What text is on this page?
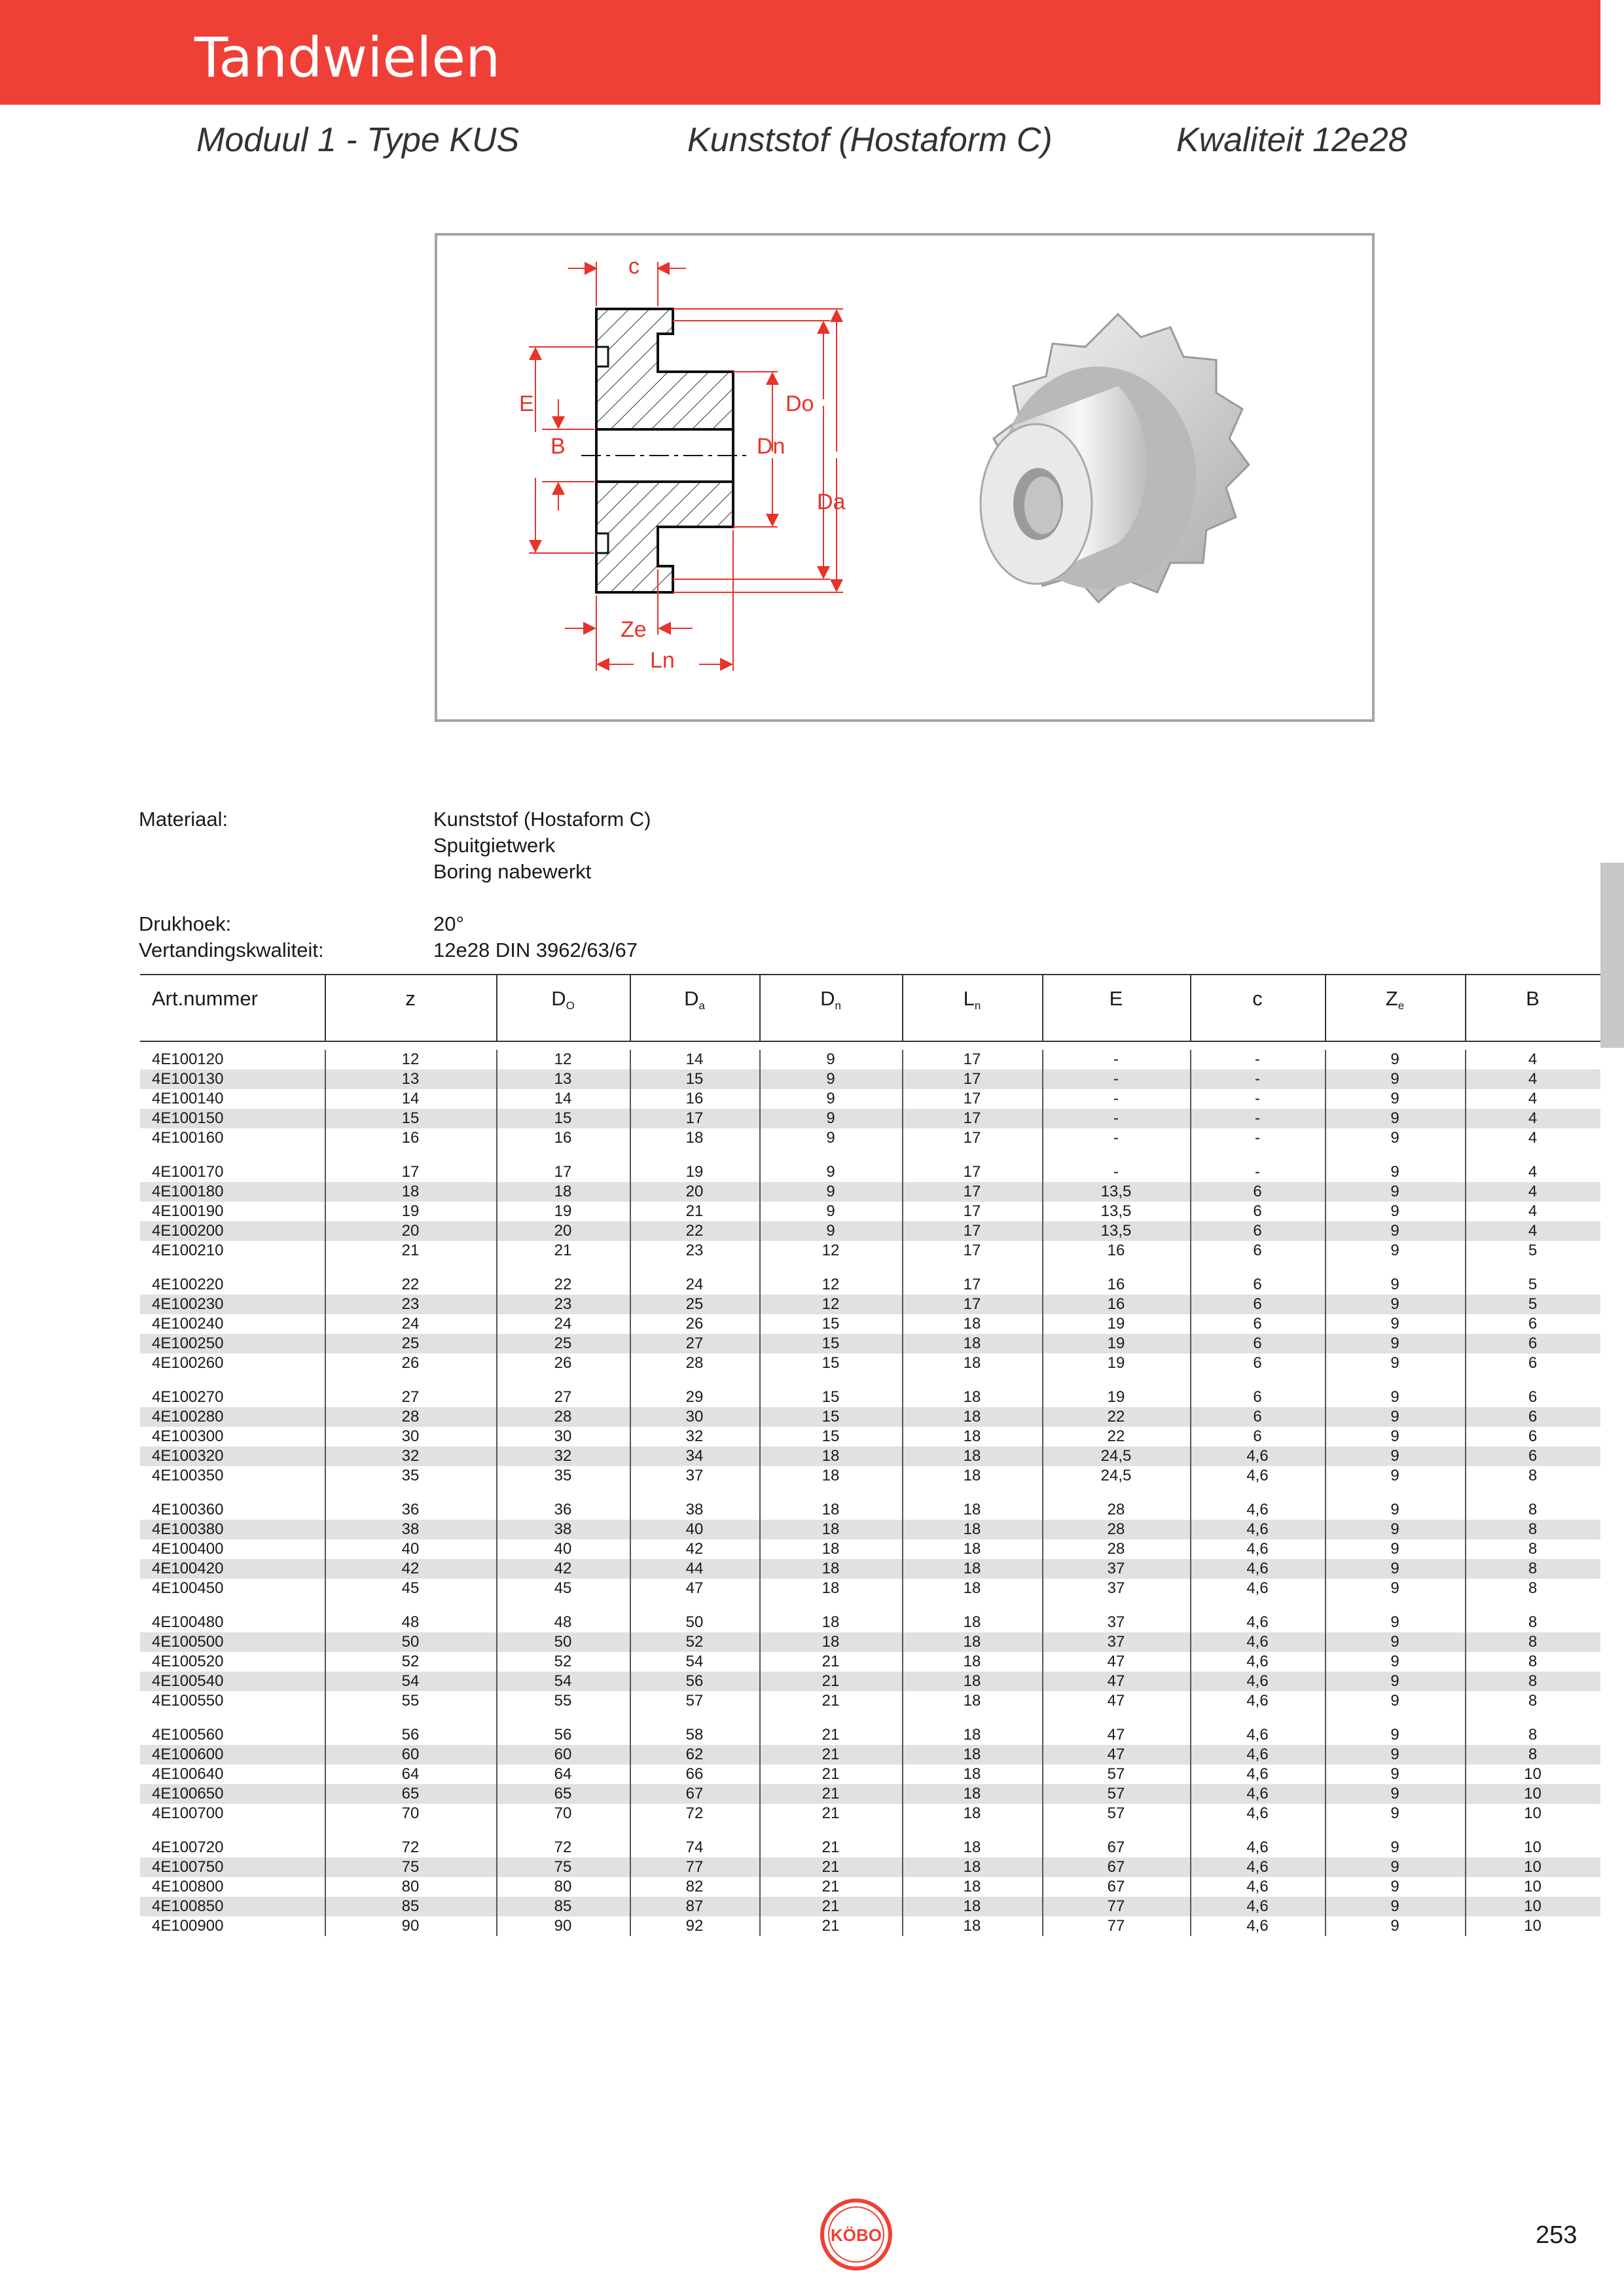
Tandwielen
Moduul 1 - Type KUS	Kunststof (Hostaform C)	Kwaliteit 12e28
c
E
B
Do
Dn
Da
Ze
Ln
Materiaal:	Kunststof (Hostaform C)
Spuitgietwerk
Boring nabewerkt
Drukhoek:	20°
Vertandingskwaliteit:	12e28 DIN 3962/63/67
Art.nummer	z	$D_O$	$D_a$	$D_n$	$L_n$	E	c	$Z_e$	B
4E100120	12	12	14	9	17	-	-	9	4
4E100130	13	13	15	9	17	-	-	9	4
4E100140	14	14	16	9	17	-	-	9	4
4E100150	15	15	17	9	17	-	-	9	4
4E100160	16	16	18	9	17	-	-	9	4
4E100170	17	17	19	9	17	-	-	9	4
4E100180	18	18	20	9	17	13,5	6	9	4
4E100190	19	19	21	9	17	13,5	6	9	4
4E100200	20	20	22	9	17	13,5	6	9	4
4E100210	21	21	23	12	17	16	6	9	5
4E100220	22	22	24	12	17	16	6	9	5
4E100230	23	23	25	12	17	16	6	9	5
4E100240	24	24	26	15	18	19	6	9	6
4E100250	25	25	27	15	18	19	6	9	6
4E100260	26	26	28	15	18	19	6	9	6
4E100270	27	27	29	15	18	19	6	9	6
4E100280	28	28	30	15	18	22	6	9	6
4E100300	30	30	32	15	18	22	6	9	6
4E100320	32	32	34	18	18	24,5	4,6	9	6
4E100350	35	35	37	18	18	24,5	4,6	9	8
4E100360	36	36	38	18	18	28	4,6	9	8
4E100380	38	38	40	18	18	28	4,6	9	8
4E100400	40	40	42	18	18	28	4,6	9	8
4E100420	42	42	44	18	18	37	4,6	9	8
4E100450	45	45	47	18	18	37	4,6	9	8
4E100480	48	48	50	18	18	37	4,6	9	8
4E100500	50	50	52	18	18	37	4,6	9	8
4E100520	52	52	54	21	18	47	4,6	9	8
4E100540	54	54	56	21	18	47	4,6	9	8
4E100550	55	55	57	21	18	47	4,6	9	8
4E100560	56	56	58	21	18	47	4,6	9	8
4E100600	60	60	62	21	18	47	4,6	9	8
4E100640	64	64	66	21	18	57	4,6	9	10
4E100650	65	65	67	21	18	57	4,6	9	10
4E100700	70	70	72	21	18	57	4,6	9	10
4E100720	72	72	74	21	18	67	4,6	9	10
4E100750	75	75	77	21	18	67	4,6	9	10
4E100800	80	80	82	21	18	67	4,6	9	10
4E100850	85	85	87	21	18	77	4,6	9	10
4E100900	90	90	92	21	18	77	4,6	9	10
KÖBO	253
